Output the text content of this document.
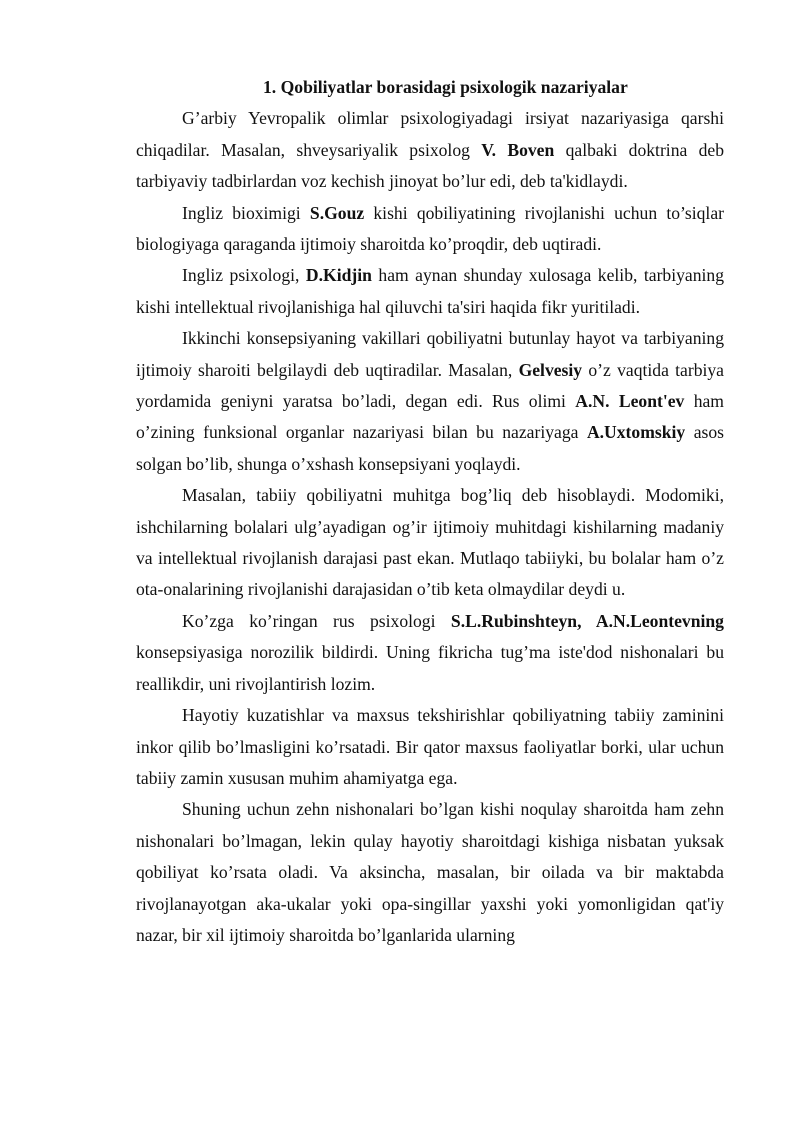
1. Qobiliyatlar borasidagi psixologik nazariyalar

G’arbiy Yevropalik olimlar psixologiyadagi irsiyat nazariyasiga qarshi chiqadilar. Masalan, shveysariyalik psixolog V. Boven qalbaki doktrina deb tarbiyaviy tadbirlardan voz kechish jinoyat bo’lur edi, deb ta'kidlaydi.

Ingliz bioximigi S.Gouz kishi qobiliyatining rivojlanishi uchun to’siqlar biologiyaga qaraganda ijtimoiy sharoitda ko’proqdir, deb uqtiradi.

Ingliz psixologi, D.Kidjin ham aynan shunday xulosaga kelib, tarbiyaning kishi intellektual rivojlanishiga hal qiluvchi ta'siri haqida fikr yuritiladi.

Ikkinchi konsepsiyaning vakillari qobiliyatni butunlay hayot va tarbiyaning ijtimoiy sharoiti belgilaydi deb uqtiradilar. Masalan, Gelvesiy o’z vaqtida tarbiya yordamida geniyni yaratsa bo’ladi, degan edi. Rus olimi A.N. Leont'ev ham o’zining funksional organlar nazariyasi bilan bu nazariyaga A.Uxtomskiy asos solgan bo’lib, shunga o’xshash konsepsiyani yoqlaydi.

Masalan, tabiiy qobiliyatni muhitga bog’liq deb hisoblaydi. Modomiki, ishchilarning bolalari ulg’ayadigan og’ir ijtimoiy muhitdagi kishilarning madaniy va intellektual rivojlanish darajasi past ekan. Mutlaqo tabiiyki, bu bolalar ham o’z ota-onalarining rivojlanishi darajasidan o’tib keta olmaydilar deydi u.

Ko’zga ko’ringan rus psixologi S.L.Rubinshteyn, A.N.Leontevning konsepsiyasiga norozilik bildirdi. Uning fikricha tug’ma iste'dod nishonalari bu reallikdir, uni rivojlantirish lozim.

Hayotiy kuzatishlar va maxsus tekshirishlar qobiliyatning tabiiy zaminini inkor qilib bo’lmasligini ko’rsatadi. Bir qator maxsus faoliyatlar borki, ular uchun tabiiy zamin xususan muhim ahamiyatga ega.

Shuning uchun zehn nishonalari bo’lgan kishi noqulay sharoitda ham zehn nishonalari bo’lmagan, lekin qulay hayotiy sharoitdagi kishiga nisbatan yuksak qobiliyat ko’rsata oladi. Va aksincha, masalan, bir oilada va bir maktabda rivojlanayotgan aka-ukalar yoki opa-singillar yaxshi yoki yomonligidan qat'iy nazar, bir xil ijtimoiy sharoitda bo’lganlarida ularning
